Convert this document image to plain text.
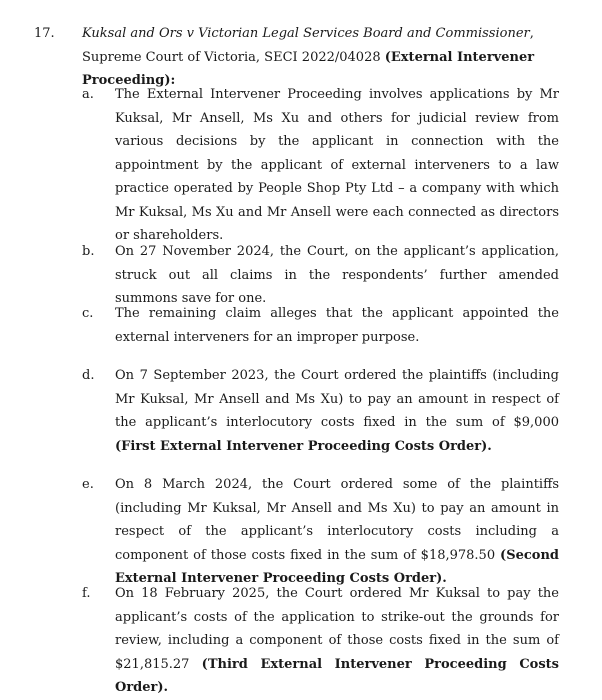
17. Kuksal and Ors v Victorian Legal Services Board and Commissioner, Supreme Court of Victoria, SECI 2022/04028 (External Intervener Proceeding):
a. The External Intervener Proceeding involves applications by Mr Kuksal, Mr Ansell, Ms Xu and others for judicial review from various decisions by the applicant in connection with the appointment by the applicant of external interveners to a law practice operated by People Shop Pty Ltd – a company with which Mr Kuksal, Ms Xu and Mr Ansell were each connected as directors or shareholders.
b. On 27 November 2024, the Court, on the applicant’s application, struck out all claims in the respondents’ further amended summons save for one.
c. The remaining claim alleges that the applicant appointed the external interveners for an improper purpose.
d. On 7 September 2023, the Court ordered the plaintiffs (including Mr Kuksal, Mr Ansell and Ms Xu) to pay an amount in respect of the applicant’s interlocutory costs fixed in the sum of $9,000 (First External Intervener Proceeding Costs Order).
e. On 8 March 2024, the Court ordered some of the plaintiffs (including Mr Kuksal, Mr Ansell and Ms Xu) to pay an amount in respect of the applicant’s interlocutory costs including a component of those costs fixed in the sum of $18,978.50 (Second External Intervener Proceeding Costs Order).
f. On 18 February 2025, the Court ordered Mr Kuksal to pay the applicant’s costs of the application to strike-out the grounds for review, including a component of those costs fixed in the sum of $21,815.27 (Third External Intervener Proceeding Costs Order).
